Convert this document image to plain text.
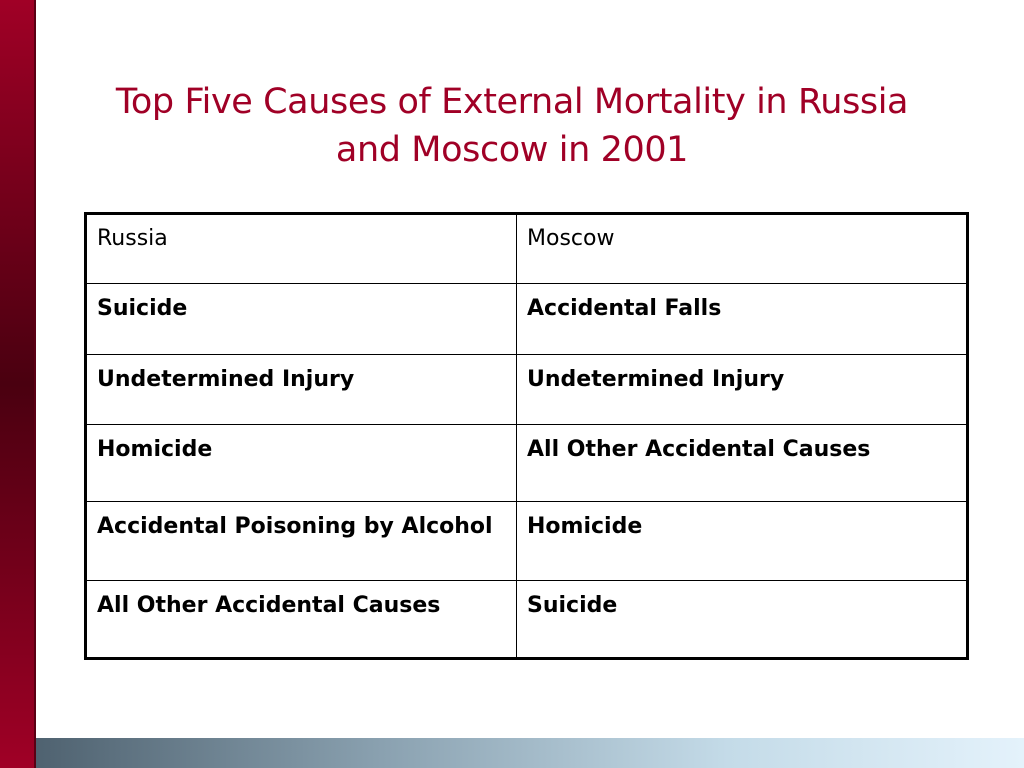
Top Five Causes of External Mortality in Russia
and Moscow in 2001
Russia	Moscow
Suicide	Accidental Falls
Undetermined Injury	Undetermined Injury
Homicide	All Other Accidental Causes
Accidental Poisoning by Alcohol	Homicide
All Other Accidental Causes	Suicide
